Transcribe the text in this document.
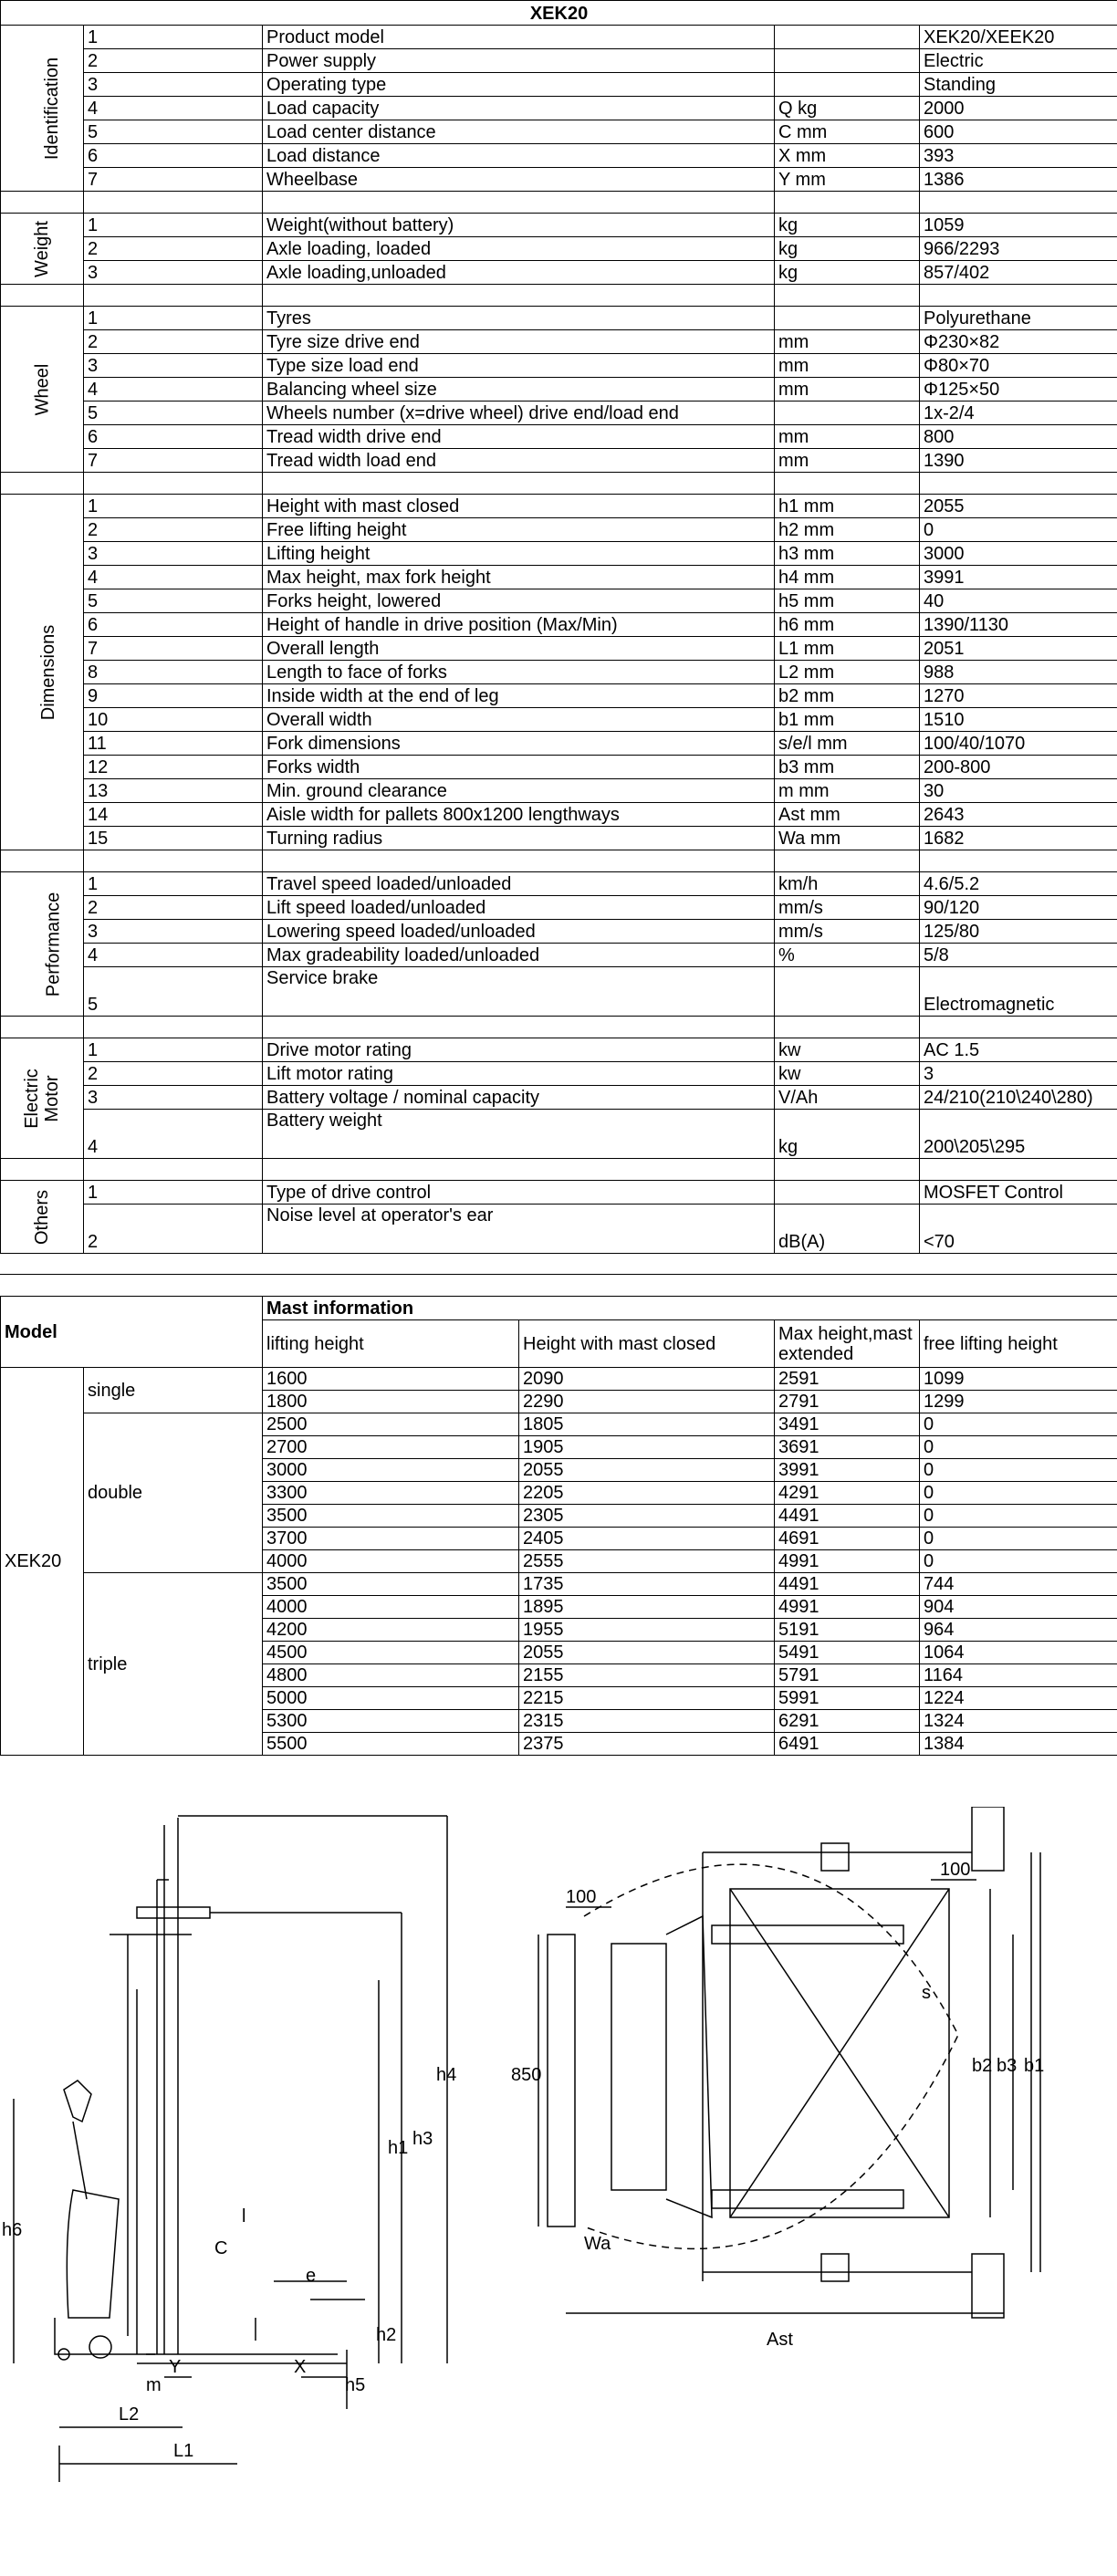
XEK20				
Identification	1	Product model		XEK20/XEEK20
	2	Power supply		Electric
	3	Operating type		Standing
	4	Load capacity	Q kg	2000
	5	Load center distance	C mm	600
	6	Load distance	X mm	393
	7	Wheelbase	Y mm	1386

Weight	1	Weight(without battery)	kg	1059
	2	Axle loading, loaded	kg	966/2293
	3	Axle loading,unloaded	kg	857/402

Wheel	1	Tyres		Polyurethane
	2	Tyre size drive end	mm	Φ230×82
	3	Type size load end	mm	Φ80×70
	4	Balancing wheel size	mm	Φ125×50
	5	Wheels number (x=drive wheel) drive end/load end		1x-2/4
	6	Tread width drive end	mm	800
	7	Tread width load end	mm	1390

Dimensions	1	Height with mast closed	h1 mm	2055
	2	Free lifting height	h2 mm	0
	3	Lifting height	h3 mm	3000
	4	Max height, max fork height	h4 mm	3991
	5	Forks height, lowered	h5 mm	40
	6	Height of handle in drive position (Max/Min)	h6 mm	1390/1130
	7	Overall length	L1 mm	2051
	8	Length to face of forks	L2 mm	988
	9	Inside width at the end of leg	b2 mm	1270
	10	Overall width	b1 mm	1510
	11	Fork dimensions	s/e/l mm	100/40/1070
	12	Forks width	b3 mm	200-800
	13	Min. ground clearance	m mm	30
	14	Aisle width for pallets 800x1200 lengthways	Ast mm	2643
	15	Turning radius	Wa mm	1682

Performance	1	Travel speed loaded/unloaded	km/h	4.6/5.2
	2	Lift speed loaded/unloaded	mm/s	90/120
	3	Lowering speed loaded/unloaded	mm/s	125/80
	4	Max gradeability loaded/unloaded	%	5/8
	5	Service brake		Electromagnetic

Electric Motor	1	Drive motor rating	kw	AC 1.5
	2	Lift motor rating	kw	3
	3	Battery voltage / nominal capacity	V/Ah	24/210(210\240\280)
	4	Battery weight	kg	200\205\295

Others	1	Type of drive control		MOSFET Control
	2	Noise level at operator's ear	dB(A)	<70
Model		Mast information			
		lifting height	Height with mast closed	Max height,mast extended	free lifting height
XEK20	single	1600	2090	2591	1099
		1800	2290	2791	1299
	double	2500	1805	3491	0
		2700	1905	3691	0
		3000	2055	3991	0
		3300	2205	4291	0
		3500	2305	4491	0
		3700	2405	4691	0
		4000	2555	4991	0
	triple	3500	1735	4491	744
		4000	1895	4991	904
		4200	1955	5191	964
		4500	2055	5491	1064
		4800	2155	5791	1164
		5000	2215	5991	1224
		5300	2315	6291	1324
		5500	2375	6491	1384
h4
h3
h1
h6
l
C
e
h2
h5
m
Y	X
L2
L1
100
850
s
100
b2 b3 b1
Wa
Ast
